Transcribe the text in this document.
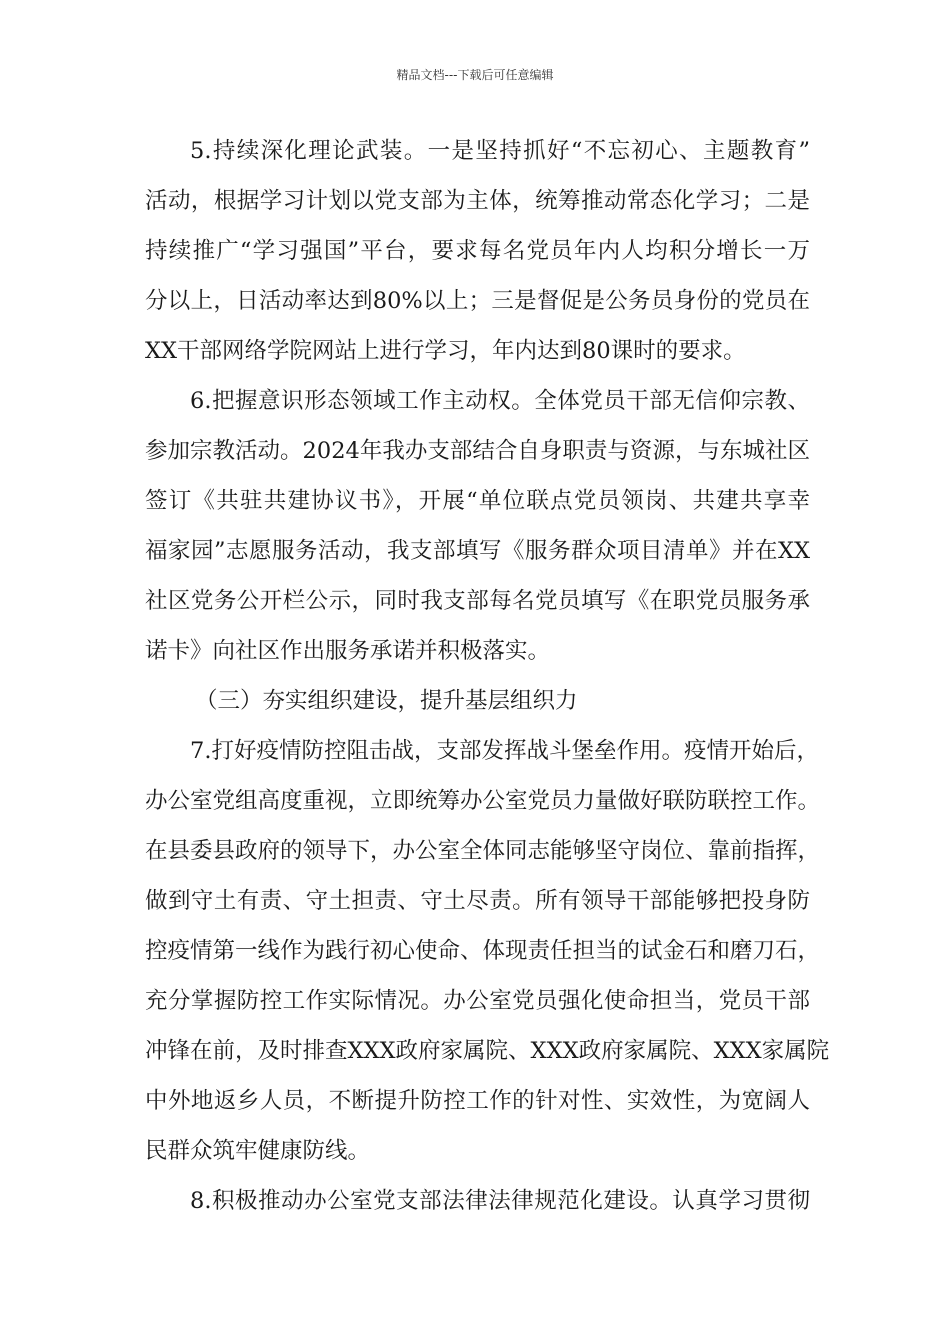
精品文档---下载后可任意编辑
5.持续深化理论武装。一是坚持抓好“不忘初心、主题教育”
活动，根据学习计划以党支部为主体，统筹推动常态化学习；二是
持续推广“学习强国”平台，要求每名党员年内人均积分增长一万
分以上，日活动率达到80%以上；三是督促是公务员身份的党员在
XX干部网络学院网站上进行学习，年内达到80课时的要求。
6.把握意识形态领域工作主动权。全体党员干部无信仰宗教、
参加宗教活动。2024年我办支部结合自身职责与资源，与东城社区
签订《共驻共建协议书》，开展“单位联点党员领岗、共建共享幸
福家园”志愿服务活动，我支部填写《服务群众项目清单》并在XX
社区党务公开栏公示，同时我支部每名党员填写《在职党员服务承
诺卡》向社区作出服务承诺并积极落实。
（三）夯实组织建设，提升基层组织力
7.打好疫情防控阻击战，支部发挥战斗堡垒作用。疫情开始后，
办公室党组高度重视，立即统筹办公室党员力量做好联防联控工作。
在县委县政府的领导下，办公室全体同志能够坚守岗位、靠前指挥，
做到守土有责、守土担责、守土尽责。所有领导干部能够把投身防
控疫情第一线作为践行初心使命、体现责任担当的试金石和磨刀石，
充分掌握防控工作实际情况。办公室党员强化使命担当，党员干部
冲锋在前，及时排查XXX政府家属院、XXX政府家属院、XXX家属院
中外地返乡人员，不断提升防控工作的针对性、实效性，为宽阔人
民群众筑牢健康防线。
8.积极推动办公室党支部法律法律规范化建设。认真学习贯彻
